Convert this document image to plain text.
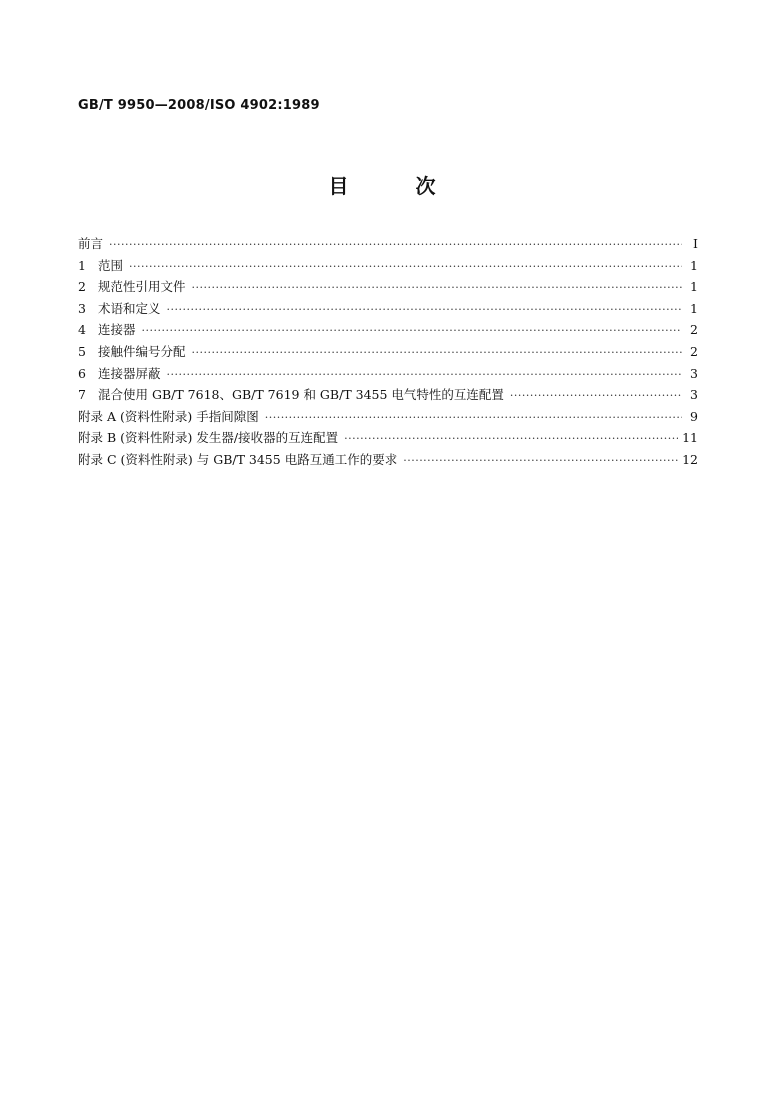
GB/T 9950—2008/ISO 4902:1989
目 次
前言 ·····	Ⅰ
1 范围 ·····	1
2 规范性引用文件 ·····	1
3 术语和定义 ·····	1
4 连接器 ·····	2
5 接触件编号分配 ·····	2
6 连接器屏蔽 ·····	3
7 混合使用 GB/T 7618、GB/T 7619 和 GB/T 3455 电气特性的互连配置 ·····	3
附录 A (资料性附录) 手指间隙图 ·····	9
附录 B (资料性附录) 发生器/接收器的互连配置 ·····	11
附录 C (资料性附录) 与 GB/T 3455 电路互通工作的要求 ·····	12
